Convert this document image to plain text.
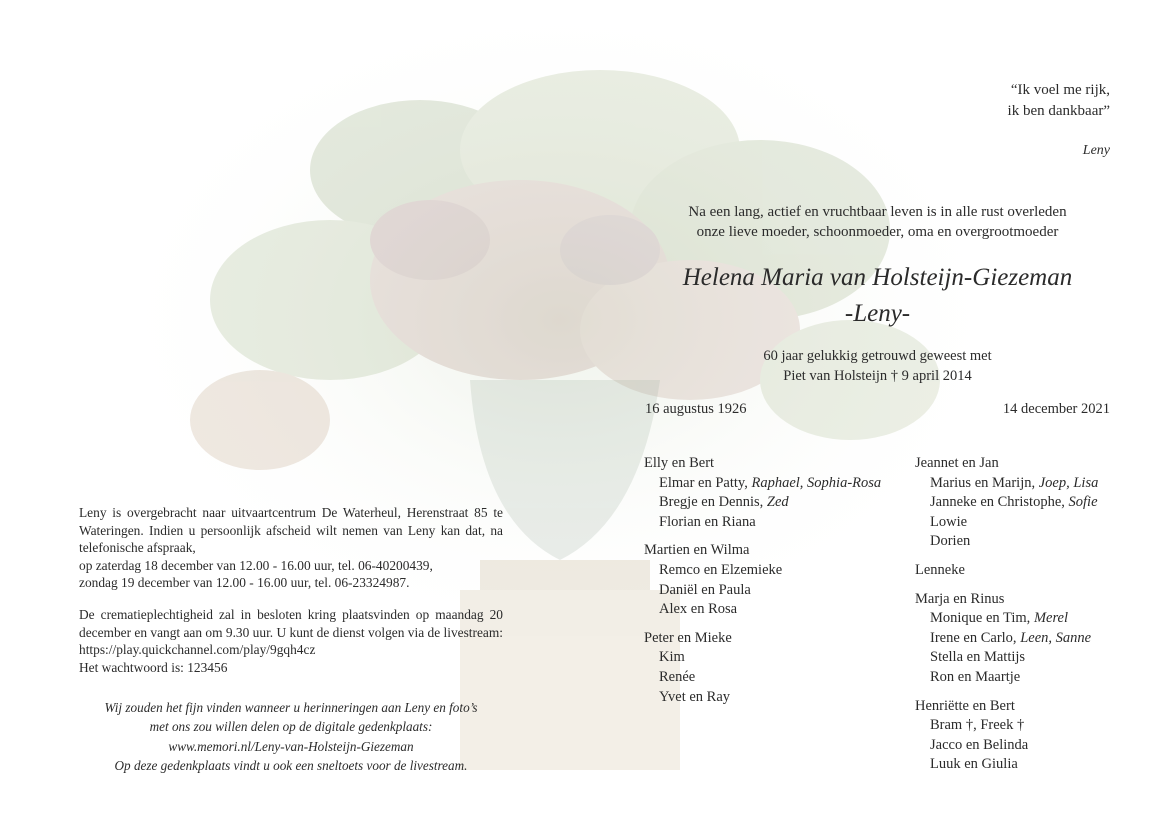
“Ik voel me rijk,
ik ben dankbaar”
Leny
Na een lang, actief en vruchtbaar leven is in alle rust overleden
onze lieve moeder, schoonmoeder, oma en overgrootmoeder
Helena Maria van Holsteijn-Giezeman
-Leny-
60 jaar gelukkig getrouwd geweest met
Piet van Holsteijn † 9 april 2014
16 augustus 1926	14 december 2021
Elly en Bert
Elmar en Patty, Raphael, Sophia-Rosa
Bregje en Dennis, Zed
Florian en Riana
Martien en Wilma
Remco en Elzemieke
Daniël en Paula
Alex en Rosa
Peter en Mieke
Kim
Renée
Yvet en Ray
Jeannet en Jan
Marius en Marijn, Joep, Lisa
Janneke en Christophe, Sofie
Lowie
Dorien
Lenneke
Marja en Rinus
Monique en Tim, Merel
Irene en Carlo, Leen, Sanne
Stella en Mattijs
Ron en Maartje
Henriëtte en Bert
Bram †, Freek †
Jacco en Belinda
Luuk en Giulia

Leny is overgebracht naar uitvaartcentrum De Waterheul, Herenstraat 85 te Wateringen. Indien u persoonlijk afscheid wilt nemen van Leny kan dat, na telefonische afspraak,

op zaterdag 18 december van 12.00 - 16.00 uur, tel. 06-40200439,

zondag 19 december van 12.00 - 16.00 uur, tel. 06-23324987.

De crematieplechtigheid zal in besloten kring plaatsvinden op maandag 20 december en vangt aan om 9.30 uur. U kunt de dienst volgen via de livestream: https://play.quickchannel.com/play/9gqh4cz

Het wachtwoord is: 123456

Wij zouden het fijn vinden wanneer u herinneringen aan Leny en foto’s
met ons zou willen delen op de digitale gedenkplaats:
www.memori.nl/Leny-van-Holsteijn-Giezeman
Op deze gedenkplaats vindt u ook een sneltoets voor de livestream.
